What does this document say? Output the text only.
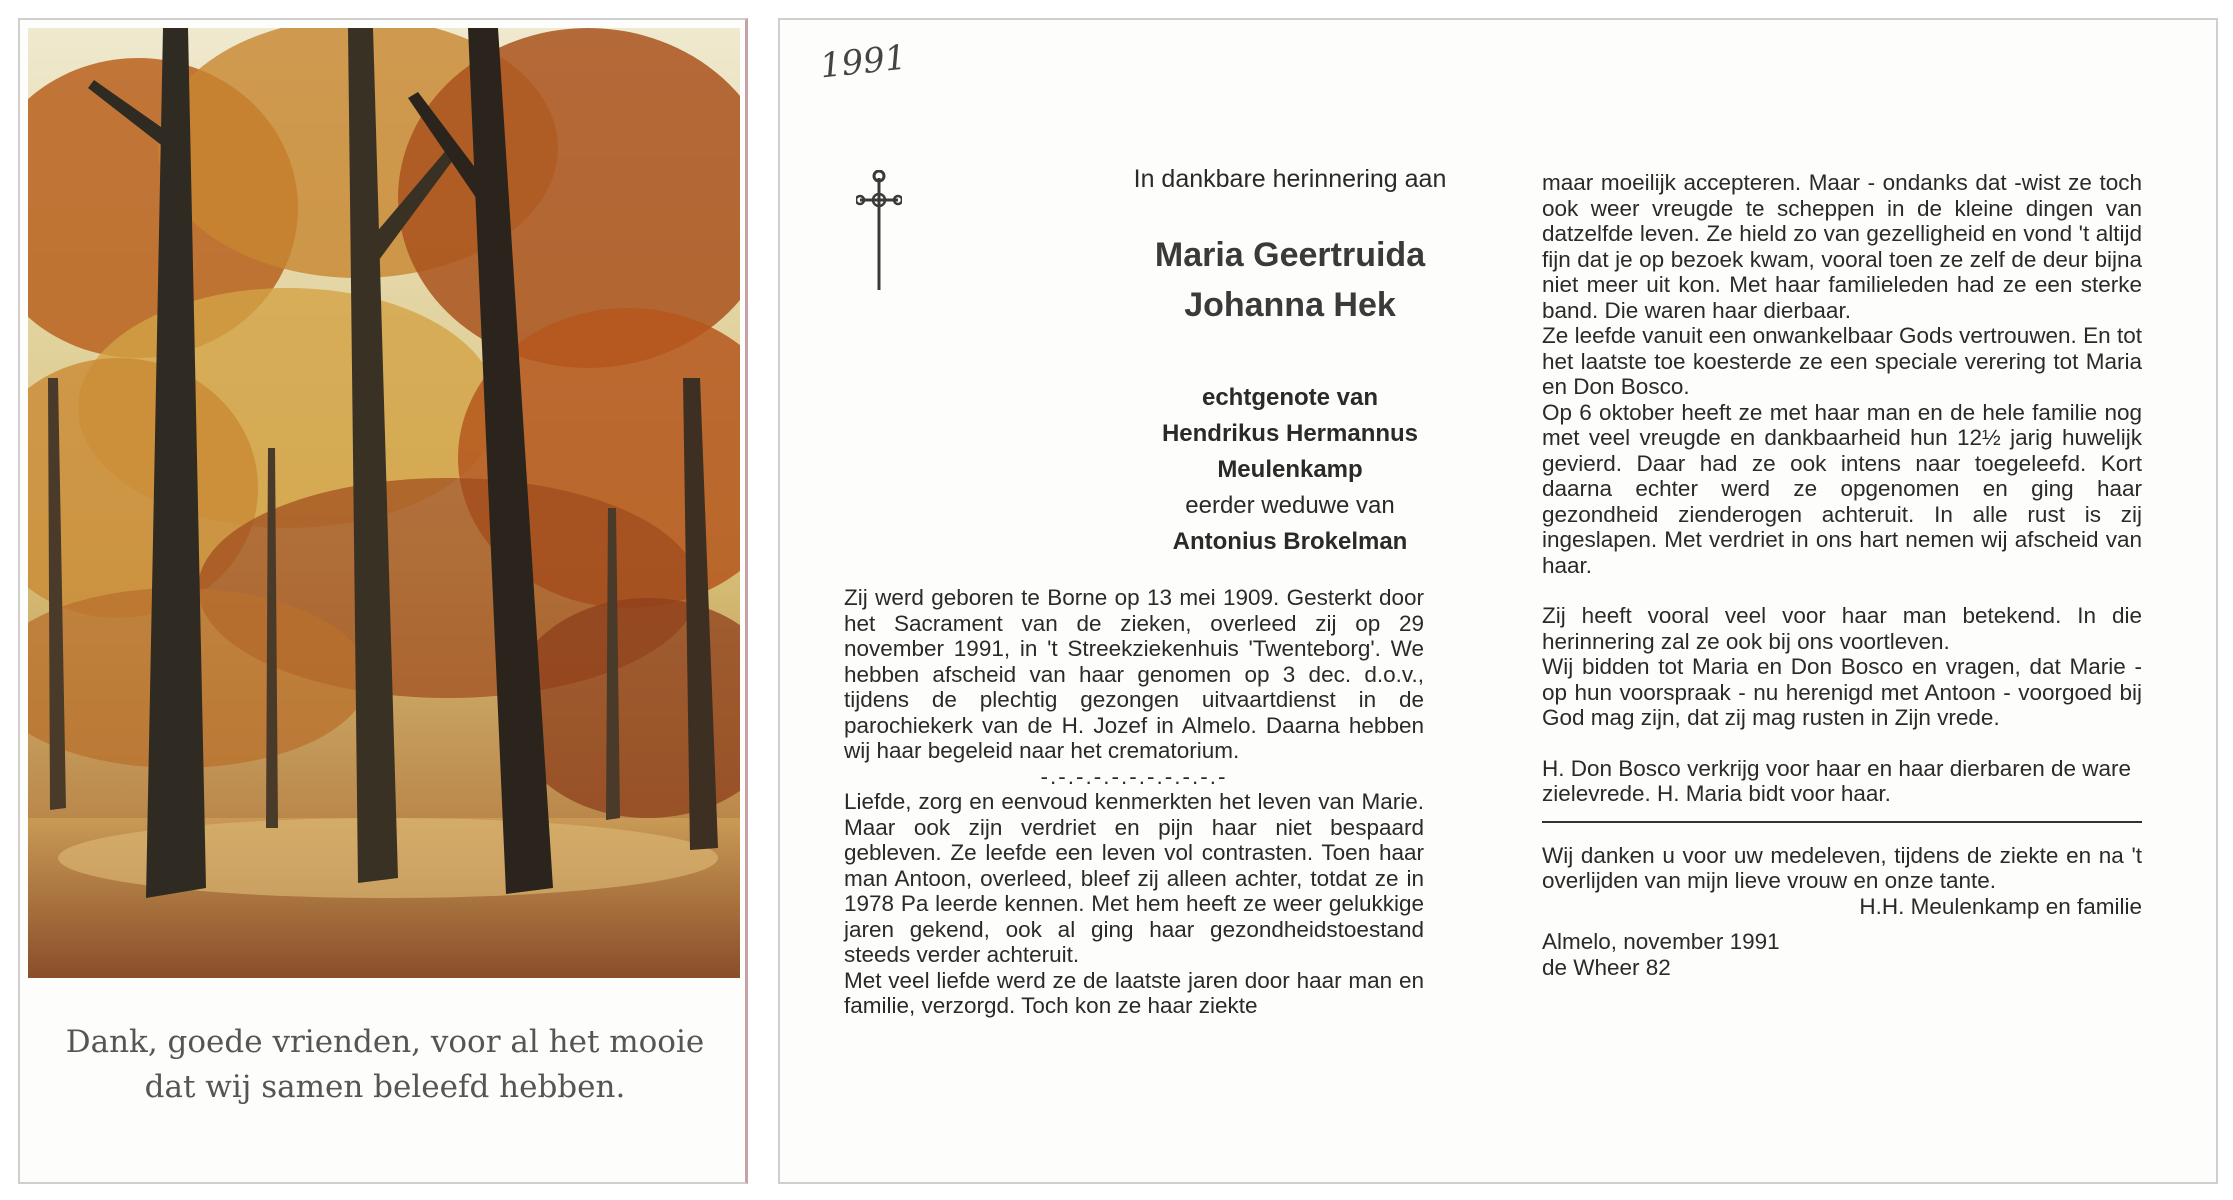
Dank, goede vrienden, voor al het mooie
dat wij samen beleefd hebben.
1991
In dankbare herinnering aan
Maria Geertruida
Johanna Hek
echtgenote van
Hendrikus Hermannus
Meulenkamp
eerder weduwe van
Antonius Brokelman

Zij werd geboren te Borne op 13 mei 1909. Gesterkt door het Sacrament van de zieken, overleed zij op 29 november 1991, in 't Streekziekenhuis 'Twenteborg'. We hebben afscheid van haar genomen op 3 dec. d.o.v., tijdens de plechtig gezongen uitvaartdienst in de parochiekerk van de H. Jozef in Almelo. Daarna hebben wij haar begeleid naar het crematorium.

-.-.-.-.-.-.-.-.-.-.-

Liefde, zorg en eenvoud kenmerkten het leven van Marie. Maar ook zijn verdriet en pijn haar niet bespaard gebleven. Ze leefde een leven vol contrasten. Toen haar man Antoon, overleed, bleef zij alleen achter, totdat ze in 1978 Pa leerde kennen. Met hem heeft ze weer gelukkige jaren gekend, ook al ging haar gezondheidstoestand steeds verder achteruit.

Met veel liefde werd ze de laatste jaren door haar man en familie, verzorgd. Toch kon ze haar ziekte

maar moeilijk accepteren. Maar - ondanks dat -wist ze toch ook weer vreugde te scheppen in de kleine dingen van datzelfde leven. Ze hield zo van gezelligheid en vond 't altijd fijn dat je op bezoek kwam, vooral toen ze zelf de deur bijna niet meer uit kon. Met haar familieleden had ze een sterke band. Die waren haar dierbaar.

Ze leefde vanuit een onwankelbaar Gods vertrouwen. En tot het laatste toe koesterde ze een speciale verering tot Maria en Don Bosco.

Op 6 oktober heeft ze met haar man en de hele familie nog met veel vreugde en dankbaarheid hun 12½ jarig huwelijk gevierd. Daar had ze ook intens naar toegeleefd. Kort daarna echter werd ze opgenomen en ging haar gezondheid zienderogen achteruit. In alle rust is zij ingeslapen. Met verdriet in ons hart nemen wij afscheid van haar.

Zij heeft vooral veel voor haar man betekend. In die herinnering zal ze ook bij ons voortleven.

Wij bidden tot Maria en Don Bosco en vragen, dat Marie - op hun voorspraak - nu herenigd met Antoon - voorgoed bij God mag zijn, dat zij mag rusten in Zijn vrede.

H. Don Bosco verkrijg voor haar en haar dierbaren de ware zielevrede. H. Maria bidt voor haar.

Wij danken u voor uw medeleven, tijdens de ziekte en na 't overlijden van mijn lieve vrouw en onze tante.

H.H. Meulenkamp en familie

Almelo, november 1991

de Wheer 82
